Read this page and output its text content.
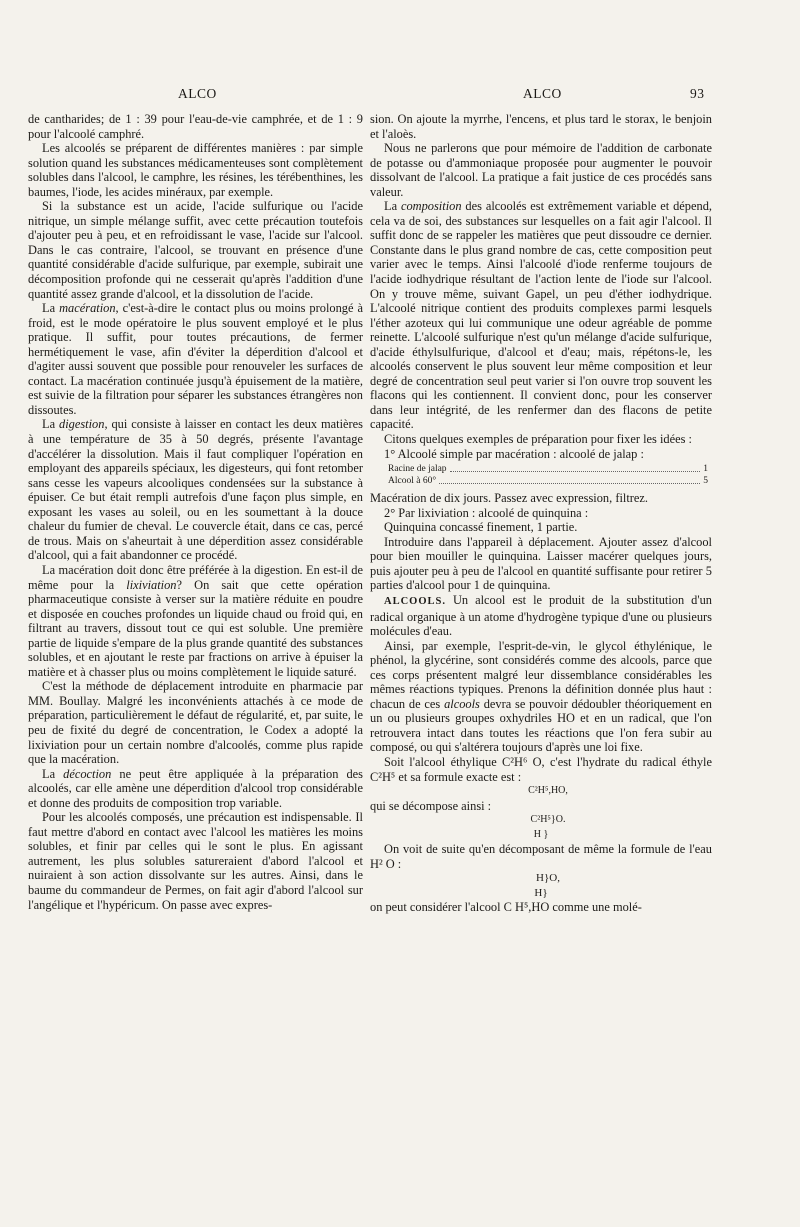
ALCO	ALCO	93

de cantharides; de 1 : 39 pour l'eau-de-vie camphrée, et de 1 : 9 pour l'alcoolé camphré.

Les alcoolés se préparent de différentes manières : par simple solution quand les substances médicamenteuses sont complètement solubles dans l'alcool, le camphre, les résines, les térébenthines, les baumes, l'iode, les acides minéraux, par exemple.

Si la substance est un acide, l'acide sulfurique ou l'acide nitrique, un simple mélange suffit, avec cette précaution toutefois d'ajouter peu à peu, et en refroidissant le vase, l'acide sur l'alcool. Dans le cas contraire, l'alcool, se trouvant en présence d'une quantité considérable d'acide sulfurique, par exemple, subirait une décomposition profonde qui ne cesserait qu'après l'addition d'une quantité assez grande d'alcool, et la dissolution de l'acide.

La macération, c'est-à-dire le contact plus ou moins prolongé à froid, est le mode opératoire le plus souvent employé et le plus pratique. Il suffit, pour toutes précautions, de fermer hermétiquement le vase, afin d'éviter la déperdition d'alcool et d'agiter aussi souvent que possible pour renouveler les surfaces de contact. La macération continuée jusqu'à épuisement de la matière, est suivie de la filtration pour séparer les substances étrangères non dissoutes.

La digestion, qui consiste à laisser en contact les deux matières à une température de 35 à 50 degrés, présente l'avantage d'accélérer la dissolution. Mais il faut compliquer l'opération en employant des appareils spéciaux, les digesteurs, qui font retomber sans cesse les vapeurs alcooliques condensées sur la substance à épuiser. Ce but était rempli autrefois d'une façon plus simple, en exposant les vases au soleil, ou en les soumettant à la douce chaleur du fumier de cheval. Le couvercle était, dans ce cas, percé de trous. Mais on s'aheurtait à une déperdition assez considérable d'alcool, qui a fait abandonner ce procédé.

La macération doit donc être préférée à la digestion. En est-il de même pour la lixiviation? On sait que cette opération pharmaceutique consiste à verser sur la matière réduite en poudre et disposée en couches profondes un liquide chaud ou froid qui, en filtrant au travers, dissout tout ce qui est soluble. Une première partie de liquide s'empare de la plus grande quantité des substances solubles, et en ajoutant le reste par fractions on arrive à épuiser la matière et à chasser plus ou moins complètement le liquide saturé.

C'est la méthode de déplacement introduite en pharmacie par MM. Boullay. Malgré les inconvénients attachés à ce mode de préparation, particulièrement le défaut de régularité, et, par suite, le peu de fixité du degré de concentration, le Codex a adopté la lixiviation pour un certain nombre d'alcoolés, comme plus rapide que la macération.

La décoction ne peut être appliquée à la préparation des alcoolés, car elle amène une déperdition d'alcool trop considérable et donne des produits de composition trop variable.

Pour les alcoolés composés, une précaution est indispensable. Il faut mettre d'abord en contact avec l'alcool les matières les moins solubles, et finir par celles qui le sont le plus. En agissant autrement, les plus solubles satureraient d'abord l'alcool et nuiraient à son action dissolvante sur les autres. Ainsi, dans le baume du commandeur de Permes, on fait agir d'abord l'alcool sur l'angélique et l'hypéricum. On passe avec expres-

sion. On ajoute la myrrhe, l'encens, et plus tard le storax, le benjoin et l'aloès.

Nous ne parlerons que pour mémoire de l'addition de carbonate de potasse ou d'ammoniaque proposée pour augmenter le pouvoir dissolvant de l'alcool. La pratique a fait justice de ces procédés sans valeur.

La composition des alcoolés est extrêmement variable et dépend, cela va de soi, des substances sur lesquelles on a fait agir l'alcool. Il suffit donc de se rappeler les matières que peut dissoudre ce dernier. Constante dans le plus grand nombre de cas, cette composition peut varier avec le temps. Ainsi l'alcoolé d'iode renferme toujours de l'acide iodhydrique résultant de l'action lente de l'iode sur l'alcool. On y trouve même, suivant Gapel, un peu d'éther iodhydrique. L'alcoolé nitrique contient des produits complexes parmi lesquels l'éther azoteux qui lui communique une odeur agréable de pomme reinette. L'alcoolé sulfurique n'est qu'un mélange d'acide sulfurique, d'acide éthylsulfurique, d'alcool et d'eau; mais, répétons-le, les alcoolés conservent le plus souvent leur même composition et leur degré de concentration seul peut varier si l'on ouvre trop souvent les flacons qui les contiennent. Il convient donc, pour les conserver dans leur intégrité, de les renfermer dan des flacons de petite capacité.

Citons quelques exemples de préparation pour fixer les idées :

1° Alcoolé simple par macération : alcoolé de jalap :

Racine de jalap	1
Alcool à 60°	5

Macération de dix jours. Passez avec expression, filtrez.

2° Par lixiviation : alcoolé de quinquina :

Quinquina concassé finement, 1 partie.

Introduire dans l'appareil à déplacement. Ajouter assez d'alcool pour bien mouiller le quinquina. Laisser macérer quelques jours, puis ajouter peu à peu de l'alcool en quantité suffisante pour retirer 5 parties d'alcool pour 1 de quinquina.

ALCOOLS. Un alcool est le produit de la substitution d'un radical organique à un atome d'hydrogène typique d'une ou plusieurs molécules d'eau.

Ainsi, par exemple, l'esprit-de-vin, le glycol éthylénique, le phénol, la glycérine, sont considérés comme des alcools, parce que ces corps présentent malgré leur dissemblance considérables les mêmes réactions typiques. Prenons la définition donnée plus haut : chacun de ces alcools devra se pouvoir dédoubler théoriquement en un ou plusieurs groupes oxhydriles HO et en un radical, que l'on retrouvera intact dans toutes les réactions que l'on fera subir au composé, ou qui s'altérera toujours d'après une loi fixe.

Soit l'alcool éthylique C²H⁶ O, c'est l'hydrate du radical éthyle C²H⁵ et sa formule exacte est :

C²H⁵,HO,

qui se décompose ainsi :

C²H⁵}O.
H }

On voit de suite qu'en décomposant de même la formule de l'eau H² O :

H}O,
H}

on peut considérer l'alcool C H⁵,HO comme une molé-
